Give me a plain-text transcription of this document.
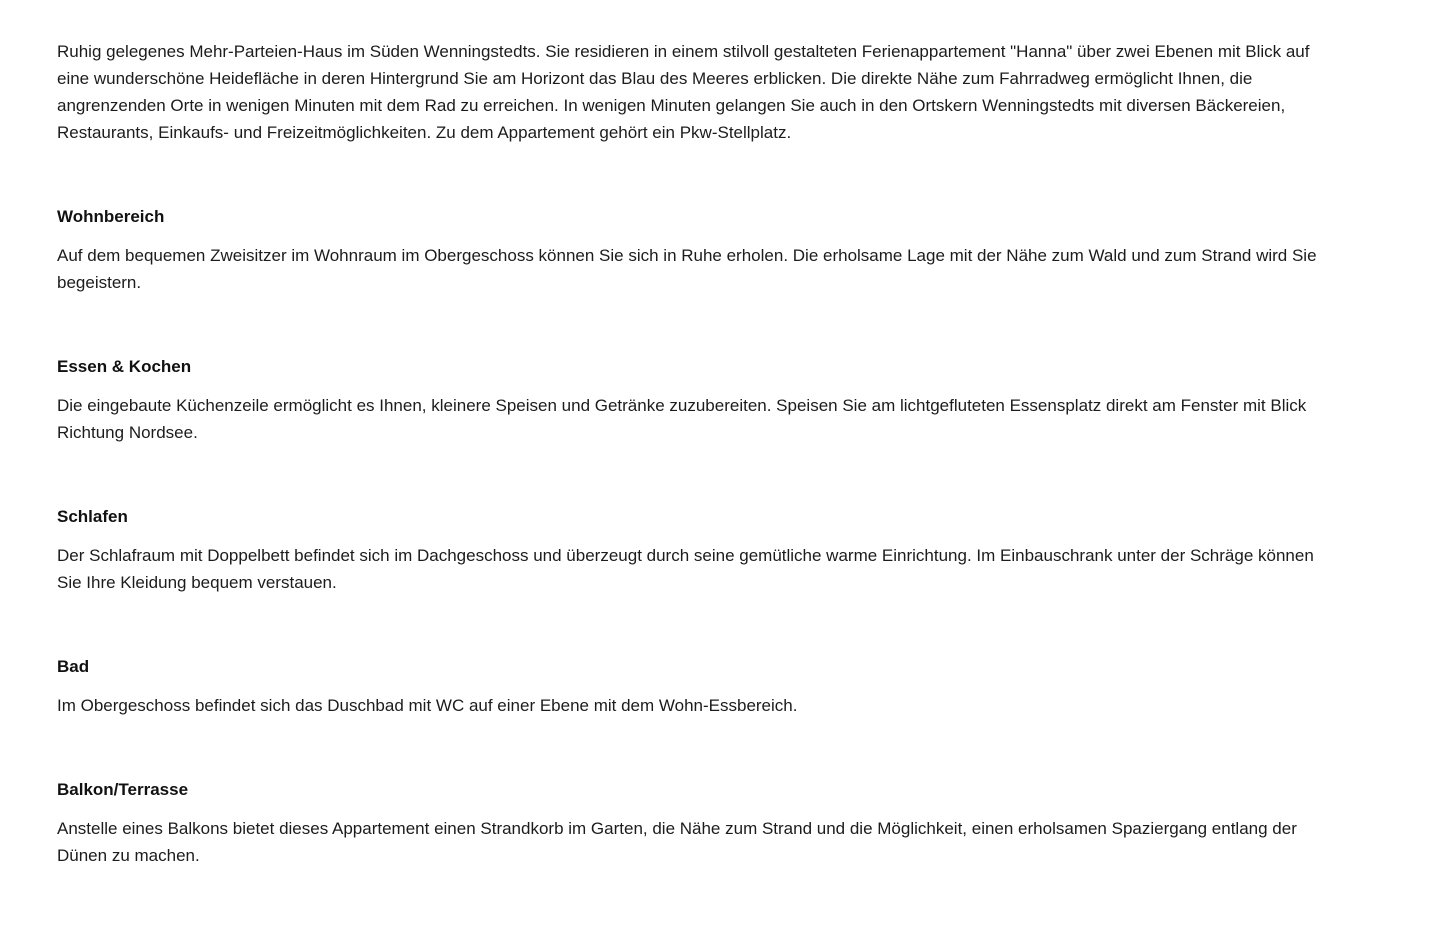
Ruhig gelegenes Mehr-Parteien-Haus im Süden Wenningstedts. Sie residieren in einem stilvoll gestalteten Ferienappartement "Hanna" über zwei Ebenen mit Blick auf eine wunderschöne Heidefläche in deren Hintergrund Sie am Horizont das Blau des Meeres erblicken. Die direkte Nähe zum Fahrradweg ermöglicht Ihnen, die angrenzenden Orte in wenigen Minuten mit dem Rad zu erreichen. In wenigen Minuten gelangen Sie auch in den Ortskern Wenningstedts mit diversen Bäckereien, Restaurants, Einkaufs- und Freizeitmöglichkeiten. Zu dem Appartement gehört ein Pkw-Stellplatz.

Wohnbereich

Auf dem bequemen Zweisitzer im Wohnraum im Obergeschoss können Sie sich in Ruhe erholen. Die erholsame Lage mit der Nähe zum Wald und zum Strand wird Sie begeistern.

Essen & Kochen

Die eingebaute Küchenzeile ermöglicht es Ihnen, kleinere Speisen und Getränke zuzubereiten. Speisen Sie am lichtgefluteten Essensplatz direkt am Fenster mit Blick Richtung Nordsee.

Schlafen

Der Schlafraum mit Doppelbett befindet sich im Dachgeschoss und überzeugt durch seine gemütliche warme Einrichtung. Im Einbauschrank unter der Schräge können Sie Ihre Kleidung bequem verstauen.

Bad

Im Obergeschoss befindet sich das Duschbad mit WC auf einer Ebene mit dem Wohn-Essbereich.

Balkon/Terrasse

Anstelle eines Balkons bietet dieses Appartement einen Strandkorb im Garten, die Nähe zum Strand und die Möglichkeit, einen erholsamen Spaziergang entlang der Dünen zu machen.
